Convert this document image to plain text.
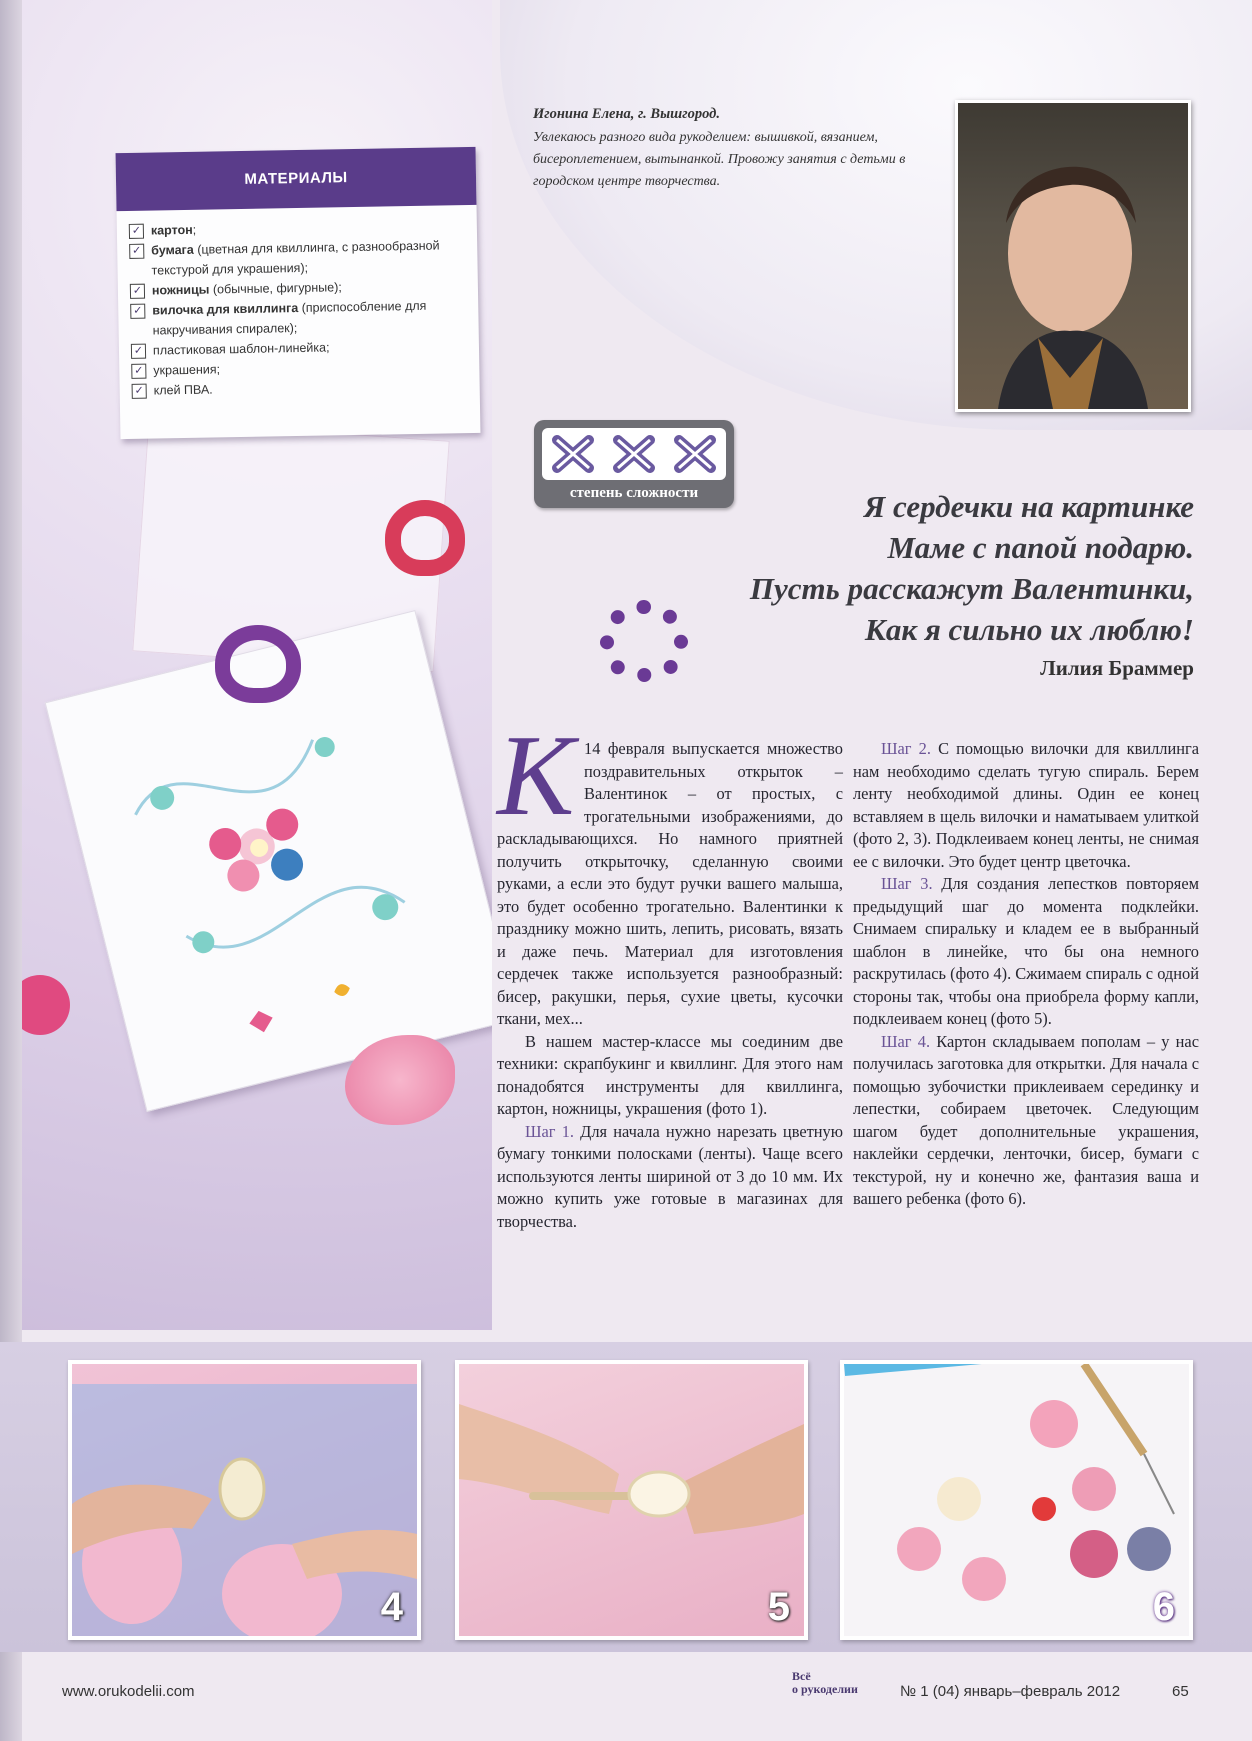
МАТЕРИАЛЫ
✓ картон;
✓ бумага (цветная для квиллинга, с разнообразной текстурой для украшения);
✓ ножницы (обычные, фигурные);
✓ вилочка для квиллинга (приспособление для накручивания спиралек);
✓ пластиковая шаблон-линейка;
✓ украшения;
✓ клей ПВА.
Игонина Елена, г. Вышгород.
Увлекаюсь разного вида рукоделием: вышивкой, вязанием, бисероплетением, вытынанкой. Провожу занятия с детьми в городском центре творчества.
степень сложности	Я сердечки на картинке
Маме с папой подарю.
Пусть расскажут Валентинки,
Как я сильно их люблю!
Лилия Браммер

К 14 февраля выпускается множество поздравительных открыток – Валентинок – от простых, с трогательными изображениями, до раскладывающихся. Но намного приятней получить открыточку, сделанную своими руками, а если это будут ручки вашего малыша, это будет особенно трогательно. Валентинки к празднику можно шить, лепить, рисовать, вязать и даже печь. Материал для изготовления сердечек также используется разнообразный: бисер, ракушки, перья, сухие цветы, кусочки ткани, мех...

В нашем мастер-классе мы соединим две техники: скрапбукинг и квиллинг. Для этого нам понадобятся инструменты для квиллинга, картон, ножницы, украшения (фото 1).

Шаг 1. Для начала нужно нарезать цветную бумагу тонкими полосками (ленты). Чаще всего используются ленты шириной от 3 до 10 мм. Их можно купить уже готовые в магазинах для творчества.

Шаг 2. С помощью вилочки для квиллинга нам необходимо сделать тугую спираль. Берем ленту необходимой длины. Один ее конец вставляем в щель вилочки и наматываем улиткой (фото 2, 3). Подклеиваем конец ленты, не снимая ее с вилочки. Это будет центр цветочка.

Шаг 3. Для создания лепестков повторяем предыдущий шаг до момента подклейки. Снимаем спиральку и кладем ее в выбранный шаблон в линейке, что бы она немного раскрутилась (фото 4). Сжимаем спираль с одной стороны так, чтобы она приобрела форму капли, подклеиваем конец (фото 5).

Шаг 4. Картон складываем пополам – у нас получилась заготовка для открытки. Для начала с помощью зубочистки приклеиваем серединку и лепестки, собираем цветочек. Следующим шагом будет дополнительные украшения, наклейки сердечки, ленточки, бисер, бумаги с текстурой, ну и конечно же, фантазия ваша и вашего ребенка (фото 6).

4	5	6
www.orukodelii.com
Всё
о рукоделии	№ 1 (04) январь–февраль 2012	65
